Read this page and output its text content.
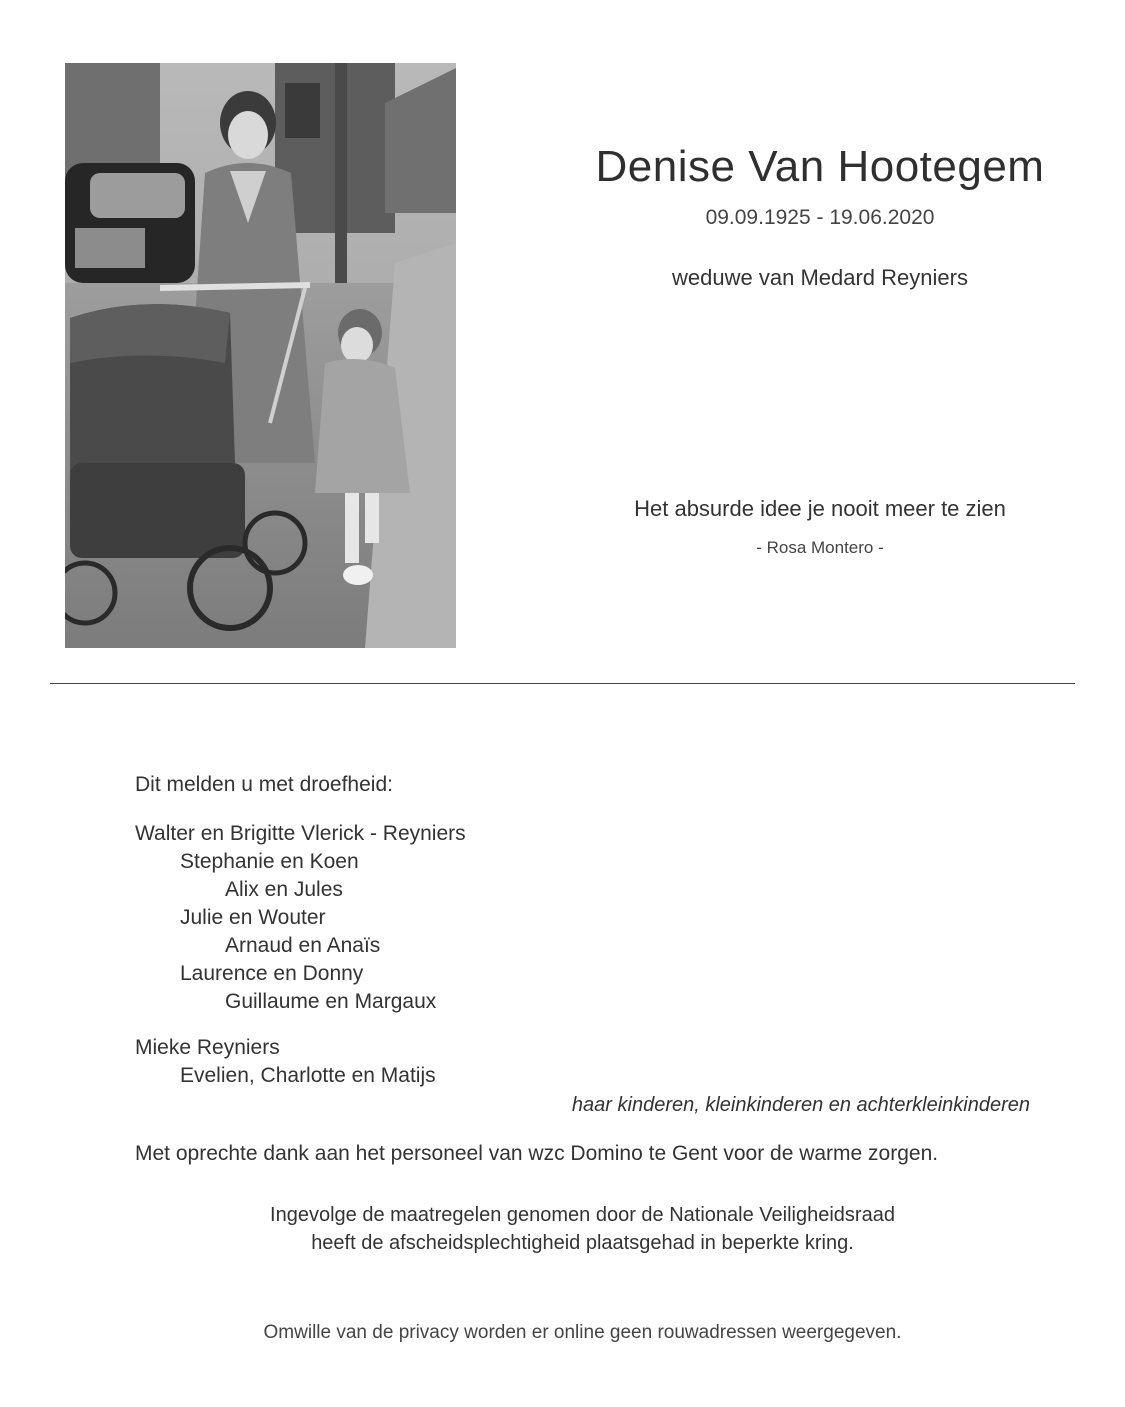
Denise Van Hootegem
09.09.1925 - 19.06.2020
weduwe van Medard Reyniers
Het absurde idee je nooit meer te zien
- Rosa Montero -
Dit melden u met droefheid:
Walter en Brigitte Vlerick - Reyniers
Stephanie en Koen
Alix en Jules
Julie en Wouter
Arnaud en Anaïs
Laurence en Donny
Guillaume en Margaux
Mieke Reyniers
Evelien, Charlotte en Matijs
haar kinderen, kleinkinderen en achterkleinkinderen
Met oprechte dank aan het personeel van wzc Domino te Gent voor de warme zorgen.
Ingevolge de maatregelen genomen door de Nationale Veiligheidsraad
heeft de afscheidsplechtigheid plaatsgehad in beperkte kring.
Omwille van de privacy worden er online geen rouwadressen weergegeven.
